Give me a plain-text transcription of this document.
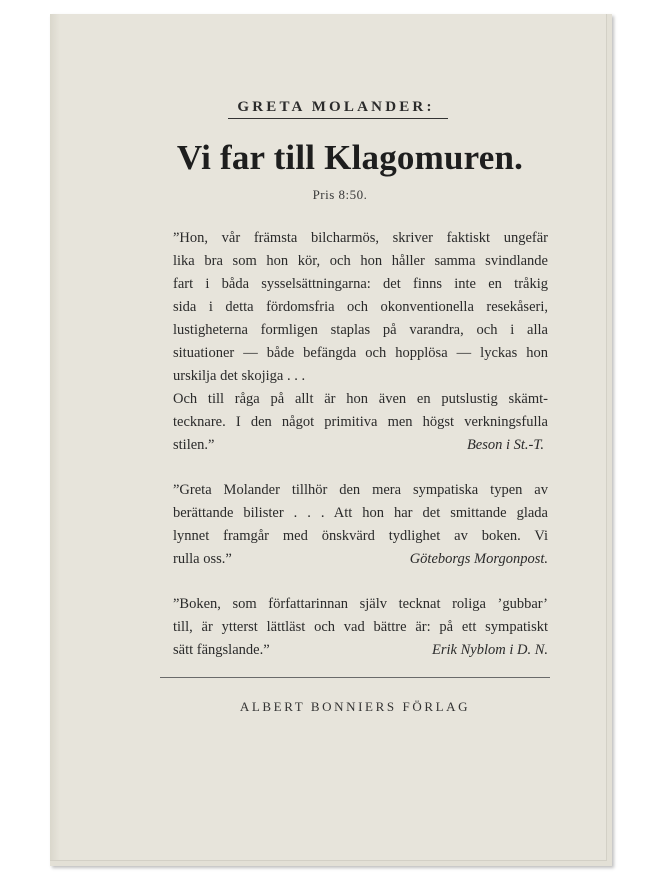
GRETA MOLANDER:
Vi far till Klagomuren.
Pris 8:50.
”Hon, vår främsta bilcharmös, skriver faktiskt ungefär
lika bra som hon kör, och hon håller samma svindlande
fart i båda sysselsättningarna: det finns inte en tråkig
sida i detta fördomsfria och okonventionella resekåseri,
lustigheterna formligen staplas på varandra, och i alla
situationer — både befängda och hopplösa — lyckas hon
urskilja det skojiga . . .
Och till råga på allt är hon även en putslustig skämt-
tecknare. I den något primitiva men högst verkningsfulla
stilen.”	Beson i St.-T.
”Greta Molander tillhör den mera sympatiska typen av
berättande bilister . . . Att hon har det smittande glada
lynnet framgår med önskvärd tydlighet av boken. Vi
rulla oss.”	Göteborgs Morgonpost.
”Boken, som författarinnan själv tecknat roliga ’gubbar’
till, är ytterst lättläst och vad bättre är: på ett sympatiskt
sätt fängslande.”	Erik Nyblom i D. N.
ALBERT BONNIERS FÖRLAG
